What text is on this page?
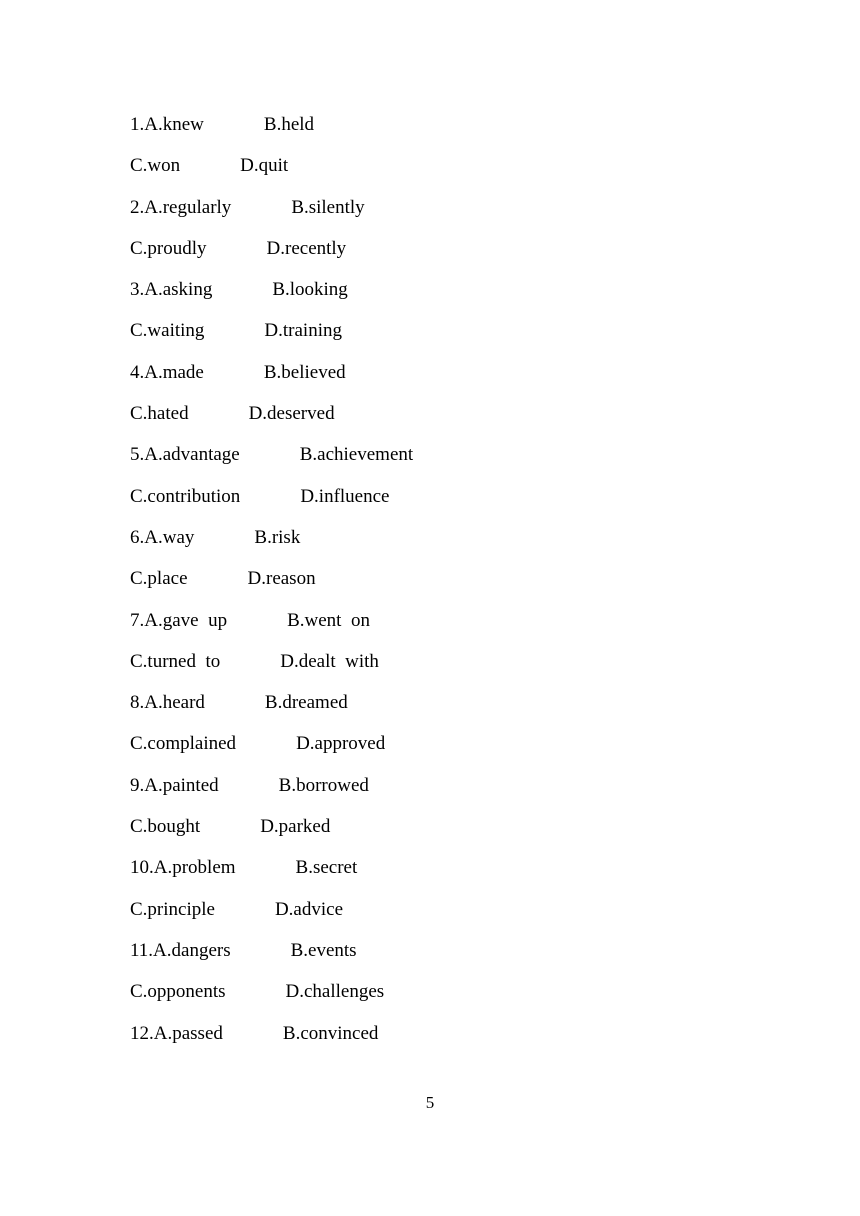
1.A.knew	B.held
C.won	D.quit
2.A.regularly	B.silently
C.proudly	D.recently
3.A.asking	B.looking
C.waiting	D.training
4.A.made	B.believed
C.hated	D.deserved
5.A.advantage	B.achievement
C.contribution	D.influence
6.A.way	B.risk
C.place	D.reason
7.A.gave  up	B.went  on
C.turned  to	D.dealt  with
8.A.heard	B.dreamed
C.complained	D.approved
9.A.painted	B.borrowed
C.bought	D.parked
10.A.problem	B.secret
C.principle	D.advice
11.A.dangers	B.events
C.opponents	D.challenges
12.A.passed	B.convinced
5
